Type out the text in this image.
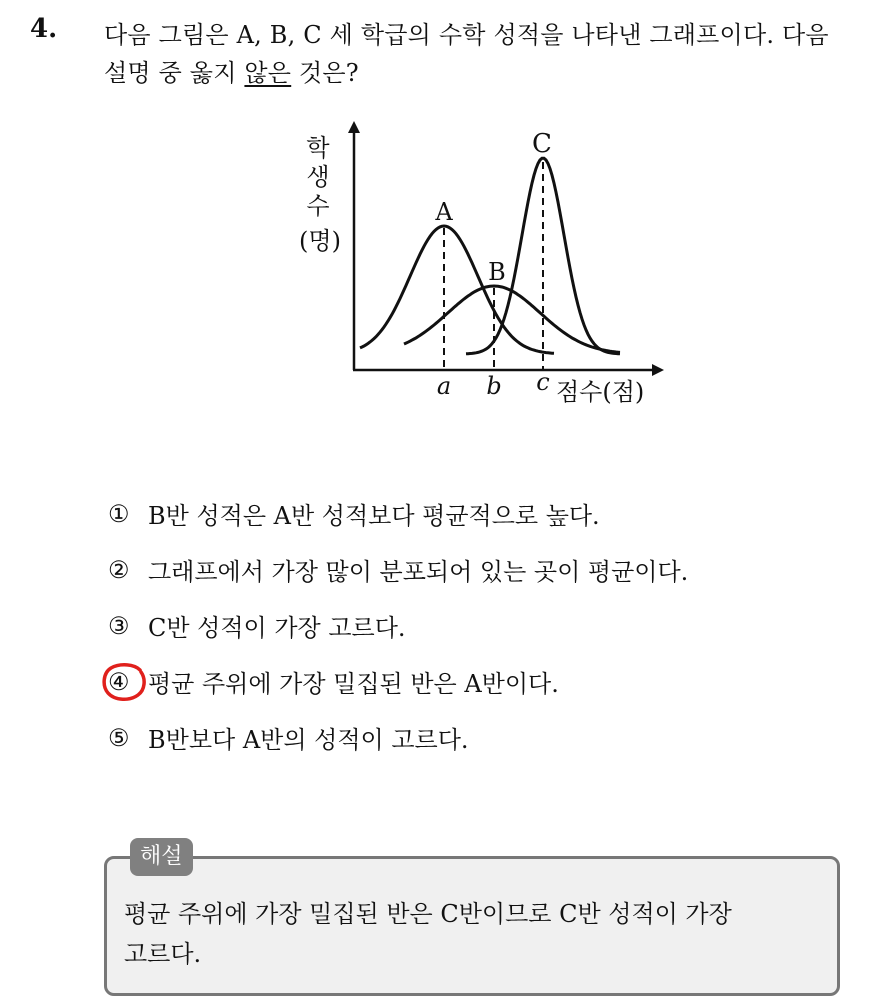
4. 다음 그림은 A, B, C 세 학급의 수학 성적을 나타낸 그래프이다. 다음
설명 중 옳지 않은 것은?
학
생
수
(명)
A
B
C
a b c 점수(점)
① B반 성적은 A반 성적보다 평균적으로 높다.
② 그래프에서 가장 많이 분포되어 있는 곳이 평균이다.
③ C반 성적이 가장 고르다.
④ 평균 주위에 가장 밀집된 반은 A반이다.
⑤ B반보다 A반의 성적이 고르다.
해설
평균 주위에 가장 밀집된 반은 C반이므로 C반 성적이 가장
고르다.
